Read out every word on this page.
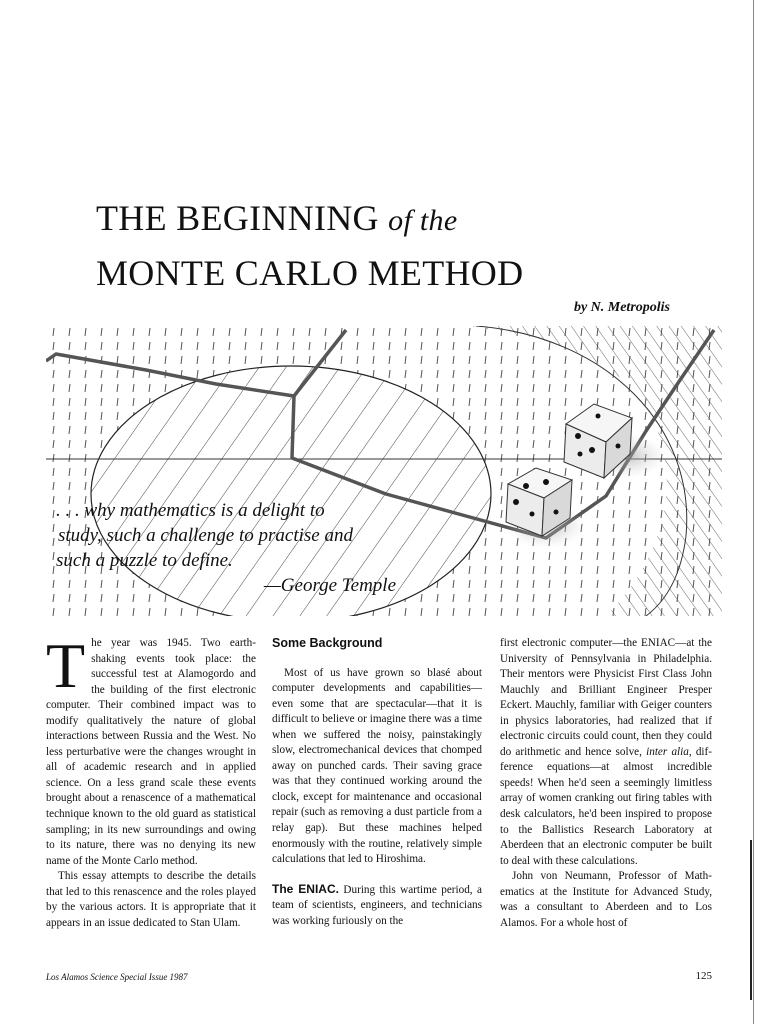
THE BEGINNING of the
MONTE CARLO METHOD
by N. Metropolis
. . . why mathematics is a delight to
study, such a challenge to practise and
such a puzzle to define.
—George Temple

The year was 1945. Two earth-shaking events took place: the successful test at Alamogordo and the building of the first electronic computer. Their combined impact was to modify qualitatively the nature of global interactions between Russia and the West. No less perturbative were the changes wrought in all of academic research and in applied science. On a less grand scale these events brought about a renascence of a mathematical technique known to the old guard as statistical sampling; in its new surroundings and owing to its nature, there was no denying its new name of the Monte Carlo method.

This essay attempts to describe the details that led to this renascence and the roles played by the various actors. It is appropriate that it appears in an issue dedicated to Stan Ulam.

Some Background

Most of us have grown so blasé about computer developments and capabilities—even some that are spectacular—that it is difficult to believe or imagine there was a time when we suffered the noisy, painstakingly slow, electromechanical devices that chomped away on punched cards. Their saving grace was that they continued working around the clock, except for maintenance and occasional repair (such as removing a dust particle from a relay gap). But these machines helped enormously with the routine, relatively simple calculations that led to Hiroshima.

The ENIAC. During this wartime period, a team of scientists, engineers, and technicians was working furiously on the

first electronic computer—the ENIAC—at the University of Pennsylvania in Philadelphia. Their mentors were Physicist First Class John Mauchly and Brilliant Engineer Presper Eckert. Mauchly, familiar with Geiger counters in physics laboratories, had realized that if electronic circuits could count, then they could do arithmetic and hence solve, inter alia, difference equations—at almost incredible speeds! When he'd seen a seemingly limitless array of women cranking out firing tables with desk calculators, he'd been inspired to propose to the Ballistics Research Laboratory at Aberdeen that an electronic computer be built to deal with these calculations.

John von Neumann, Professor of Mathematics at the Institute for Advanced Study, was a consultant to Aberdeen and to Los Alamos. For a whole host of

Los Alamos Science Special Issue 1987	125
